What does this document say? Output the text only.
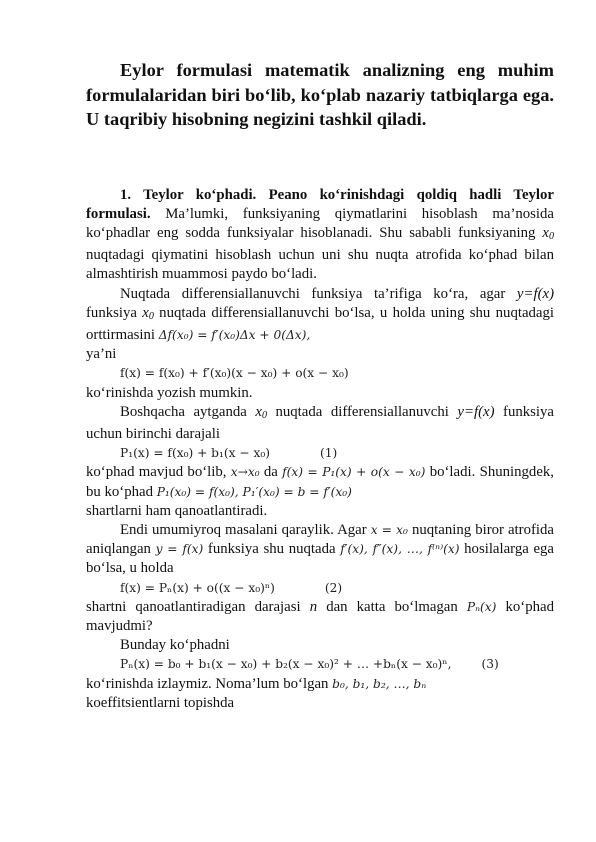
Eylor formulasi matematik analizning eng muhim formulalaridan biri bo‘lib, ko‘plab nazariy tatbiqlarga ega. U taqribiy hisobning negizini tashkil qiladi.

1. Teylor ko‘phadi. Peano ko‘rinishdagi qoldiq hadli Teylor formulasi. Ma’lumki, funksiyaning qiymatlarini hisoblash ma’nosida ko‘phadlar eng sodda funksiyalar hisoblanadi. Shu sababli funksiyaning $x_0$ nuqtadagi qiymatini hisoblash uchun uni shu nuqta atrofida ko‘phad bilan almashtirish muammosi paydo bo‘ladi.

Nuqtada differensiallanuvchi funksiya ta’rifiga ko‘ra, agar y=f(x) funksiya $x_0$ nuqtada differensiallanuvchi bo‘lsa, u holda uning shu nuqtadagi orttirmasini Δf(x₀) = f′(x₀)Δx + 0(Δx),
ya’ni

f(x) = f(x₀) + f′(x₀)(x − x₀) + o(x − x₀)

ko‘rinishda yozish mumkin.

Boshqacha aytganda $x_0$ nuqtada differensiallanuvchi y=f(x) funksiya uchun birinchi darajali

P₁(x) = f(x₀) + b₁(x − x₀)	(1)

ko‘phad mavjud bo‘lib, x→x₀ da f(x) = P₁(x) + o(x − x₀) bo‘ladi. Shuningdek, bu ko‘phad P₁(x₀) = f(x₀), P₁′(x₀) = b = f′(x₀)

shartlarni ham qanoatlantiradi.

Endi umumiyroq masalani qaraylik. Agar x = x₀ nuqtaning biror atrofida aniqlangan y = f(x) funksiya shu nuqtada f′(x), f″(x), …, f⁽ⁿ⁾(x) hosilalarga ega bo‘lsa, u holda

f(x) = Pₙ(x) + o((x − x₀)ⁿ)	(2)

shartni qanoatlantiradigan darajasi n dan katta bo‘lmagan Pₙ(x) ko‘phad mavjudmi?

Bunday ko‘phadni

Pₙ(x) = b₀ + b₁(x − x₀) + b₂(x − x₀)² + … +bₙ(x − x₀)ⁿ, (3)

ko‘rinishda izlaymiz. Noma’lum bo‘lgan b₀, b₁, b₂, …, bₙ
koeffitsientlarni topishda
